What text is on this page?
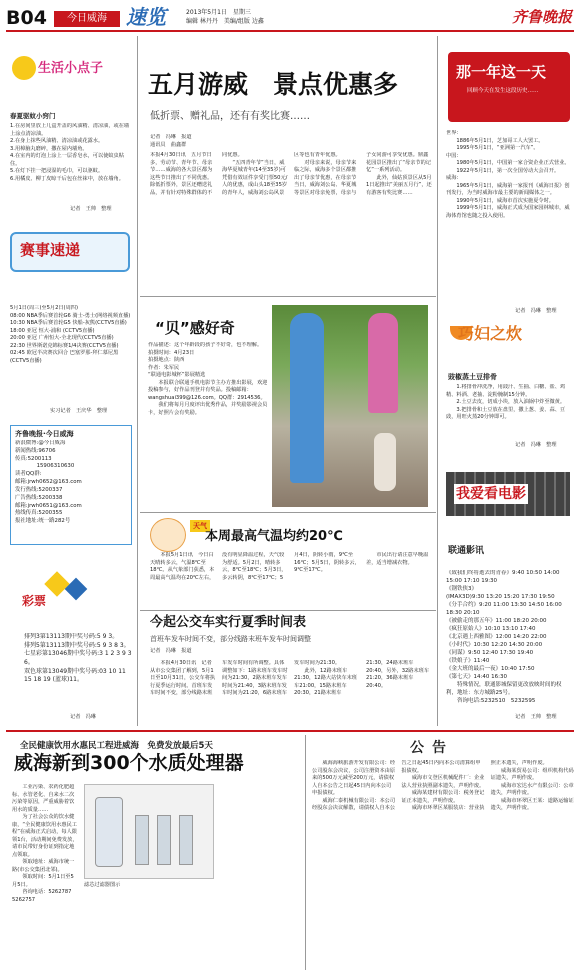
B04	今日威海 速览	2013年5月1日　星期三
编辑 林丹丹　美编/组版 边鑫	齐鲁晚报
生活小点子
春夏驱蚊小窍门
1.在房间里放上几盒开盖的风油精、清凉油，或在墙上涂点清凉油。
2.在身上抹些风油精、清凉油或花露水。
3.用樟脑丸磨碎，撒在屋内墙角。
4.在室内的灯泡上涂上一层香皂水，可以使蚊虫粘住。
5.在灯下挂一把浸湿的毛巾，可以驱蚊。
6.用橘皮、柳丁皮晾干后包在丝袜中，放在墙角。
记者　王帅　整理
赛事速递
5月1日(周三)至5月2日(周四)
08:00 NBA季后赛首轮G6 骑士-勇士(网络视频直播)
10:30 NBA季后赛首轮G5 快船-灰熊(CCTV5直播)
18:00 亚冠 恒大-浦和 (CCTV5直播)
20:00 亚冠 广州恒大-全北现代(CCTV5直播)
22:30 世界斯诺克锦标赛1/4决赛(CCTV5直播)
02:45 欧冠半决赛次回合 巴塞罗那-拜仁慕尼黑(CCTV5直播)
实习记者　王庆华　整理
齐鲁晚报·今日威海
新浪微博:@今日威海
新闻热线:96706
传真:5200113
　　　　15906310630
读者QQ群:
邮箱:jrwh0652@163.com
发行热线:5200337
广告热线:5200338
邮箱:jrwh0651@163.com
热线传真:5200355
报社地址:统一路282号
彩票
排列3第13113期中奖号码:5 9 3。
排列5第13113期中奖号码:5 9 3 8 3。
七星彩第13046期中奖号码:3 1 2 3 9 3 6。
双色球第13049期中奖号码:03 10 11 15 18 19 (蓝球)11。
记者　冯琳
五月游威　景点优惠多
低折票、赠礼品，还有有奖比赛……
记者　冯琳　报道
通讯员　曲鑫群
本报4月30日讯　五月节日多，劳动节、青年节、母亲节……威海的各大景区都为这些节日推出了不同优惠。除低折票外，景区还赠送礼品，并有针对特殊群体的不同优惠。
　　“五四青年节”当日，威海华夏城青年(14至35岁)可凭借有效证件享受门票50元/人的优惠，成山头18至35岁的青年人，威海刘公岛风景区等也有青年优惠。
　　对母亲来说，母亲节来临之际，威海多个景区都推出了母亲节优惠，在母亲节当日，威海刘公岛、华夏城等景区对母亲免票，母亲与子女同游可享受优惠。鼎鑫花园景区推出了“母亲节的记忆”一系列活动。
　　此外，仙姑顶景区从5月1日起推出“美丽五月行”，还有游客有奖比赛……
那一年这一天
　　回顾今天在发生这段历史……
世界：
　　1886年5月1日，芝加哥工人大罢工。
　　1995年5月1日，“亚洲第一汽车”。
中国：
　　1980年5月1日，中国第一家合资企业正式营业。
　　1922年5月1日，第一次全国劳动大会召开。
威海：
　　1965年5月1日，威海第一家报刊《威海日报》创刊发行，为当时威海市最主要的新闻媒体之一。
　　1990年5月1日，威海市首次实施夏令时。
　　1999年5月1日，威海正式成为国家园林城市，威海体育馆也随之投入使用。
记者　冯琳　整理
“贝”感好奇
作品描述：这个年龄段的孩子不好奇，也不理解。
拍摄时间：4月23日
拍摄地点：陕西
作者：朱军民
“联通电影城杯”影展精选
　　本报联合联通手机电影节主办方推出影展，欢迎投稿参与，好作品刊登并有奖品。投稿邮箱：wangshuai399@126.com。QQ群：2914536。
　　我们将每月月度评出优秀作品，并奖励影视会员卡，好照片会有奖励。
天气
本周最高气温均约20℃
　　本报5月1日讯　今日白天晴转多云，气温8℃至18℃。从气象部门获悉，本周最高气温均在20℃左右，没有明显降温过程，天气较为舒适。5月2日，晴转多云，8℃至18℃；5月3日，多云转阴，8℃至17℃；5月4日，阴转小雨，9℃至16℃；5月5日，阴转多云，9℃至17℃。
　　市民出行请注意早晚温差，适当增减衣物。
巧妇之炊
豉椒蒸土豆排骨
　　1.将排骨冲洗净，用豉汁、生抽、白糖、盐、鸡精、料酒、老抽、淀粉腌制15分钟。
　　2.土豆去皮，切成小块，放入油锅中炸至微黄。
　　3.把排骨和土豆放在盘里，撒上葱、姜、蒜、豆豉，用旺火蒸20分钟即可。
记者　冯琳　整理
我爱看电影
联通影讯
《致我们终将逝去的青春》9:40 10:50 14:00 15:00 17:10 19:30
《钢铁侠3》
(IMAX3D)9:30 13:20 15:20 17:30 19:50
《分手合约》9:20 11:00 13:30 14:50 16:00 18:30 20:10
《被偷走的那五年》11:00 18:20 20:00
《疯狂原始人》10:10 13:10 17:40
《北京遇上西雅图》12:00 14:20 22:00
《小时代》10:30 12:20 14:30 20:00
《同谋》9:50 12:40 17:30 19:40
《铁娘子》11:40
《金大班的最后一夜》10:40 17:50
《第七天》14:40 16:30
　　特殊情况，联通影城保留更改放映时间的权利，地址：东方城路25号。
　　咨询电话:5232510　5232595
记者　王帅　整理
今起公交车实行夏季时间表
首班车发车时间不变，部分线路末班车发车时间调整
记者　冯琳　报道
　　本报4月30日讯　记者从市公交集团了解到，5月1日至10月31日，公交车将执行夏季运行时间。首班车发车时间不变，部分线路末班车发车时间有所调整。具体调整如下：1路末班车发车时间为21:30，2路末班车发车时间为21:40，3路末班车发车时间为21:20，6路末班车发车时间为21:30。
　　此外，12路末班车21:30，12路大站快车末班车21:00，15路末班车20:30，21路末班车21:30，24路末班车20:40，另外，32路末班车21:20，36路末班车20:40。
全民健康饮用水惠民工程进威海　免费发放最后5天
威海新到300个水质处理器
　　工业污染、农药化肥超标、水管老化、自来水二次污染等原因，严重威胁着饮用水的质量……
　　为了社会公众的饮水健康，“全民健康饮用水惠民工程”在威海正式启动，每人限领1台，活动期间免费发放，请市民带好身份证到指定地点领取。
　　领取地址：威海市统一路(市公交集团北邻)。
　　领取时间：5月1日至5月5日。
　　咨询电话：5262787　5262757
滤芯过滤器图示
公告
　　威海海峡旅游开发有限公司：经公司股东会决议，公司注册资本由原来的500万元减至200万元，请债权人自本公告之日起45日内向本公司申报债权。
　　威海仁泰机械有限公司：本公司经股东会决议解散，请债权人自本公告之日起45日内向本公司清算组申报债权。
　　威海市文登区机械配件厂：企业法人营业执照副本遗失，声明作废。
　　威海某建材有限公司：税务登记证正本遗失，声明作废。
　　威海市环翠区某服装店：营业执照正本遗失，声明作废。
　　威海某贸易公司：组织机构代码证遗失，声明作废。
　　威海市宏达水产有限公司：公章遗失，声明作废。
　　威海市环翠区王某：道路运输证遗失，声明作废。
